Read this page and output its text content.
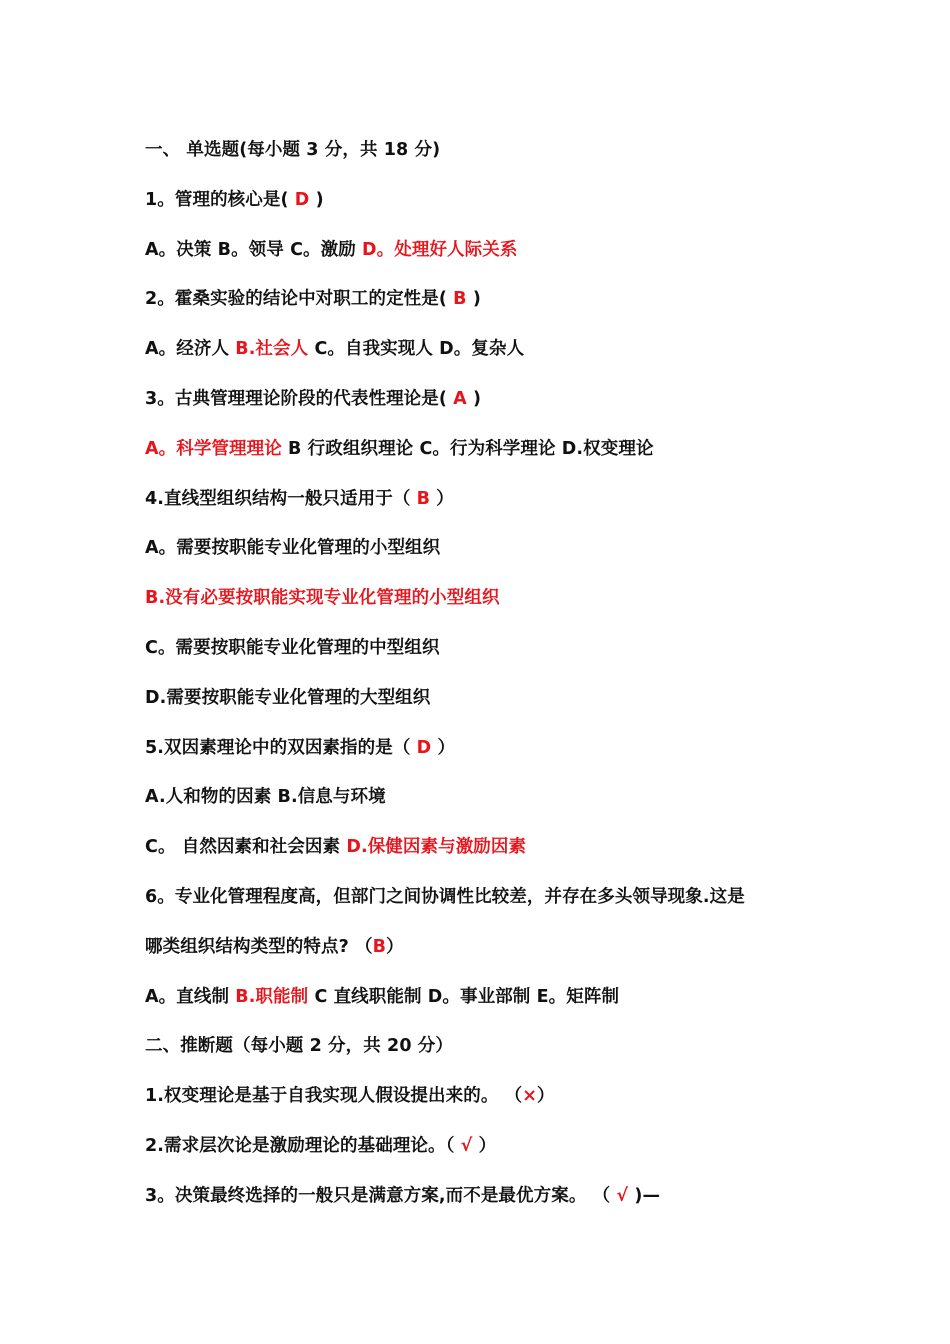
一、 单选题(每小题 3 分，共 18 分)
1。管理的核心是( D )
A。决策 B。领导 C。激励 D。处理好人际关系
2。霍桑实验的结论中对职工的定性是( B )
A。经济人 B.社会人 C。自我实现人 D。复杂人
3。古典管理理论阶段的代表性理论是( A )
A。科学管理理论 B 行政组织理论 C。行为科学理论 D.权变理论
4.直线型组织结构一般只适用于（ B ）
A。需要按职能专业化管理的小型组织
B.没有必要按职能实现专业化管理的小型组织
C。需要按职能专业化管理的中型组织
D.需要按职能专业化管理的大型组织
5.双因素理论中的双因素指的是（ D ）
A.人和物的因素 B.信息与环境
C。 自然因素和社会因素 D.保健因素与激励因素
6。专业化管理程度高，但部门之间协调性比较差，并存在多头领导现象.这是
哪类组织结构类型的特点? （B）
A。直线制 B.职能制 C 直线职能制 D。事业部制 E。矩阵制
二、推断题（每小题 2 分，共 20 分）
1.权变理论是基于自我实现人假设提出来的。 （×）
2.需求层次论是激励理论的基础理论。（ √ ）
3。决策最终选择的一般只是满意方案,而不是最优方案。 （ √ )—
